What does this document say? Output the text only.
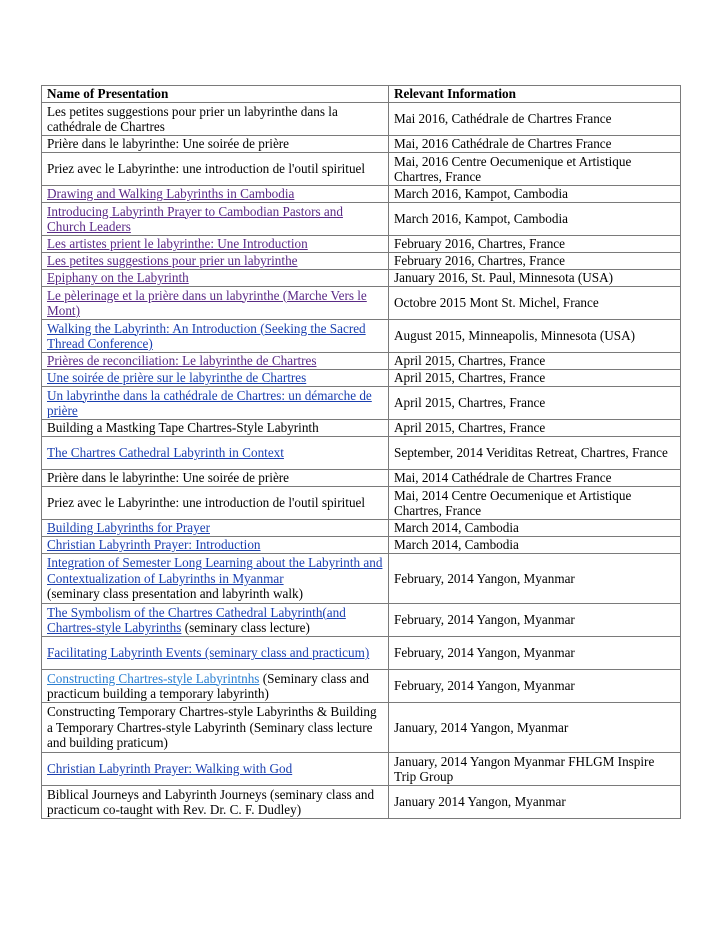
Name of Presentation	Relevant Information
Les petites suggestions pour prier un labyrinthe dans la cathédrale de Chartres	Mai 2016, Cathédrale de Chartres France
Prière dans le labyrinthe: Une soirée de prière	Mai, 2016 Cathédrale de Chartres France
Priez avec le Labyrinthe: une introduction de l'outil spirituel	Mai, 2016 Centre Oecumenique et Artistique Chartres, France
Drawing and Walking Labyrinths in Cambodia	March 2016, Kampot, Cambodia
Introducing Labyrinth Prayer to Cambodian Pastors and Church Leaders	March 2016, Kampot, Cambodia
Les artistes prient le labyrinthe: Une Introduction	February 2016, Chartres, France
Les petites suggestions pour prier un labyrinthe	February 2016, Chartres, France
Epiphany on the Labyrinth	January 2016, St. Paul, Minnesota (USA)
Le pèlerinage et la prière dans un labyrinthe (Marche Vers le Mont)	Octobre 2015 Mont St. Michel, France
Walking the Labyrinth: An Introduction (Seeking the Sacred Thread Conference)	August 2015, Minneapolis, Minnesota (USA)
Prières de reconciliation: Le labyrinthe de Chartres	April 2015, Chartres, France
Une soirée de prière sur le labyrinthe de Chartres	April 2015, Chartres, France
Un labyrinthe dans la cathédrale de Chartres: un démarche de prière	April 2015, Chartres, France
Building a Mastking Tape Chartres-Style Labyrinth	April 2015, Chartres, France
The Chartres Cathedral Labyrinth in Context	September, 2014 Veriditas Retreat, Chartres, France
Prière dans le labyrinthe: Une soirée de prière	Mai, 2014 Cathédrale de Chartres France
Priez avec le Labyrinthe: une introduction de l'outil spirituel	Mai, 2014 Centre Oecumenique et Artistique Chartres, France
Building Labyrinths for Prayer	March 2014, Cambodia
Christian Labyrinth Prayer: Introduction	March 2014, Cambodia
Integration of Semester Long Learning about the Labyrinth and Contextualization of Labyrinths in Myanmar
(seminary class presentation and labyrinth walk)	February, 2014 Yangon, Myanmar
The Symbolism of the Chartres Cathedral Labyrinth(and Chartres-style Labyrinths (seminary class lecture)	February, 2014 Yangon, Myanmar
Facilitating Labyrinth Events (seminary class and practicum)	February, 2014 Yangon, Myanmar
Constructing Chartres-style Labyrintnhs (Seminary class and practicum building a temporary labyrinth)	February, 2014 Yangon, Myanmar
Constructing Temporary Chartres-style Labyrinths & Building a Temporary Chartres-style Labyrinth (Seminary class lecture and building praticum)	January, 2014 Yangon, Myanmar
Christian Labyrinth Prayer: Walking with God	January, 2014 Yangon Myanmar FHLGM Inspire Trip Group
Biblical Journeys and Labyrinth Journeys (seminary class and practicum co-taught with Rev. Dr. C. F. Dudley)	January 2014 Yangon, Myanmar
